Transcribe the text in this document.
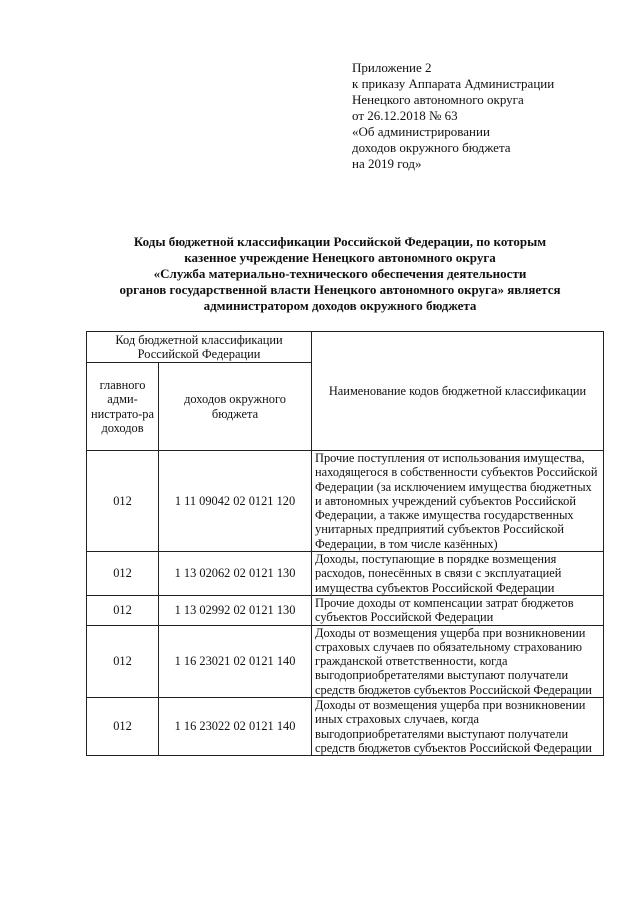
Приложение 2
к приказу Аппарата Администрации
Ненецкого автономного округа
от 26.12.2018 № 63
«Об администрировании
доходов окружного бюджета
на 2019 год»
Коды бюджетной классификации Российской Федерации, по которым
казенное учреждение Ненецкого автономного округа
«Служба материально-технического обеспечения деятельности
органов государственной власти Ненецкого автономного округа» является
администратором доходов окружного бюджета
Код бюджетной классификации Российской Федерации		Наименование кодов бюджетной классификации
главного адми-нистрато-ра доходов	доходов окружного бюджета	
012	1 11 09042 02 0121 120	Прочие поступления от использования имущества, находящегося в собственности субъектов Российской Федерации (за исключением имущества бюджетных и автономных учреждений субъектов Российской Федерации, а также имущества государственных унитарных предприятий субъектов Российской Федерации, в том числе казённых)
012	1 13 02062 02 0121 130	Доходы, поступающие в порядке возмещения расходов, понесённых в связи с эксплуатацией имущества субъектов Российской Федерации
012	1 13 02992 02 0121 130	Прочие доходы от компенсации затрат бюджетов субъектов Российской Федерации
012	1 16 23021 02 0121 140	Доходы от возмещения ущерба при возникновении страховых случаев по обязательному страхованию гражданской ответственности, когда выгодоприобретателями выступают получатели средств бюджетов субъектов Российской Федерации
012	1 16 23022 02 0121 140	Доходы от возмещения ущерба при возникновении иных страховых случаев, когда выгодоприобретателями выступают получатели средств бюджетов субъектов Российской Федерации
